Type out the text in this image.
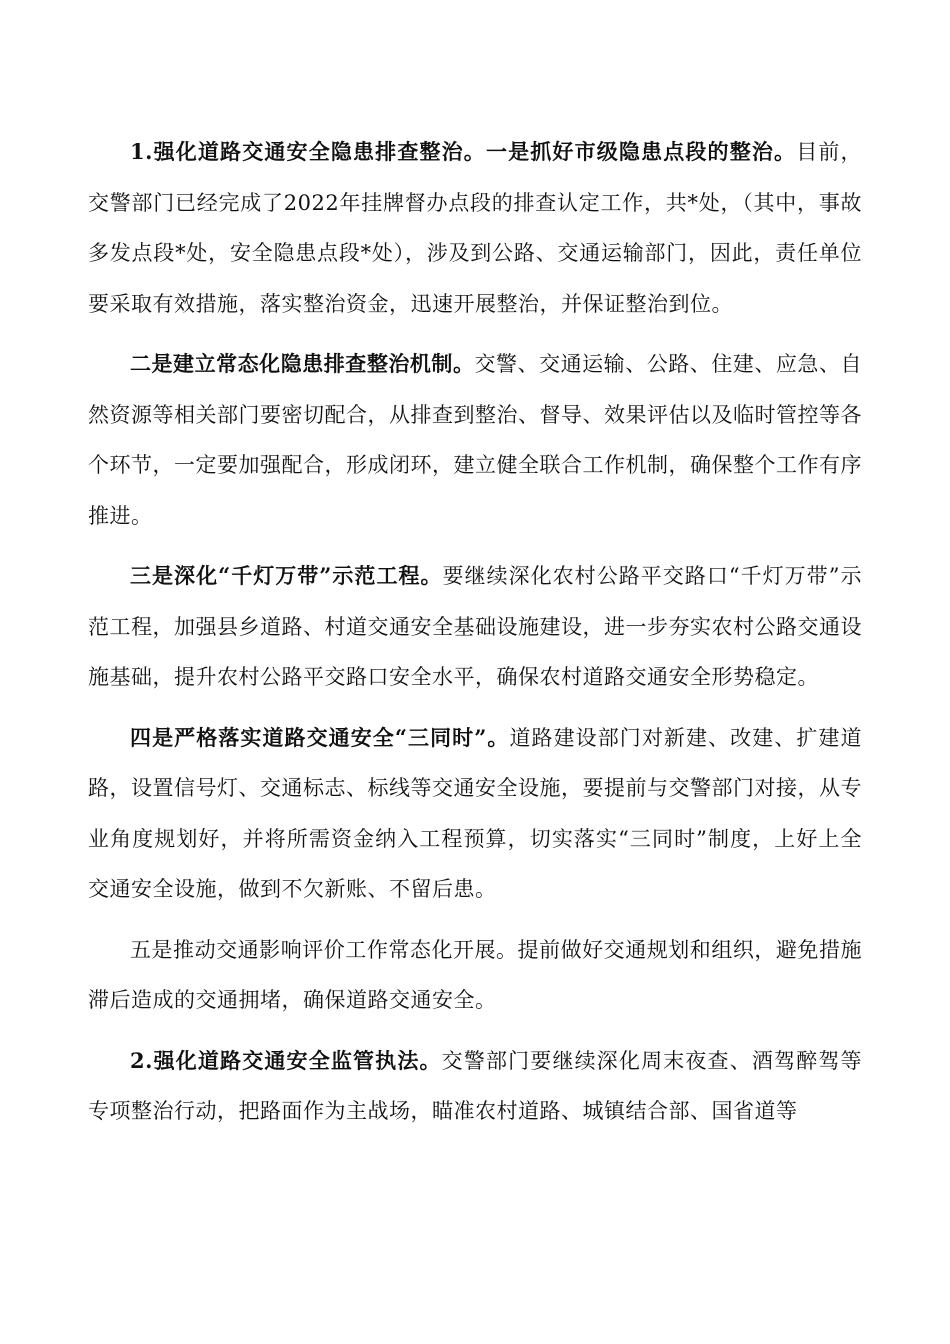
1.强化道路交通安全隐患排查整治。一是抓好市级隐患点段的整治。目前，交警部门已经完成了2022年挂牌督办点段的排查认定工作，共*处，（其中，事故多发点段*处，安全隐患点段*处），涉及到公路、交通运输部门，因此，责任单位要采取有效措施，落实整治资金，迅速开展整治，并保证整治到位。

二是建立常态化隐患排查整治机制。交警、交通运输、公路、住建、应急、自然资源等相关部门要密切配合，从排查到整治、督导、效果评估以及临时管控等各个环节，一定要加强配合，形成闭环，建立健全联合工作机制，确保整个工作有序推进。

三是深化“千灯万带”示范工程。要继续深化农村公路平交路口“千灯万带”示范工程，加强县乡道路、村道交通安全基础设施建设，进一步夯实农村公路交通设施基础，提升农村公路平交路口安全水平，确保农村道路交通安全形势稳定。

四是严格落实道路交通安全“三同时”。道路建设部门对新建、改建、扩建道路，设置信号灯、交通标志、标线等交通安全设施，要提前与交警部门对接，从专业角度规划好，并将所需资金纳入工程预算，切实落实“三同时”制度，上好上全交通安全设施，做到不欠新账、不留后患。

五是推动交通影响评价工作常态化开展。提前做好交通规划和组织，避免措施滞后造成的交通拥堵，确保道路交通安全。

2.强化道路交通安全监管执法。交警部门要继续深化周末夜查、酒驾醉驾等专项整治行动，把路面作为主战场，瞄准农村道路、城镇结合部、国省道等
